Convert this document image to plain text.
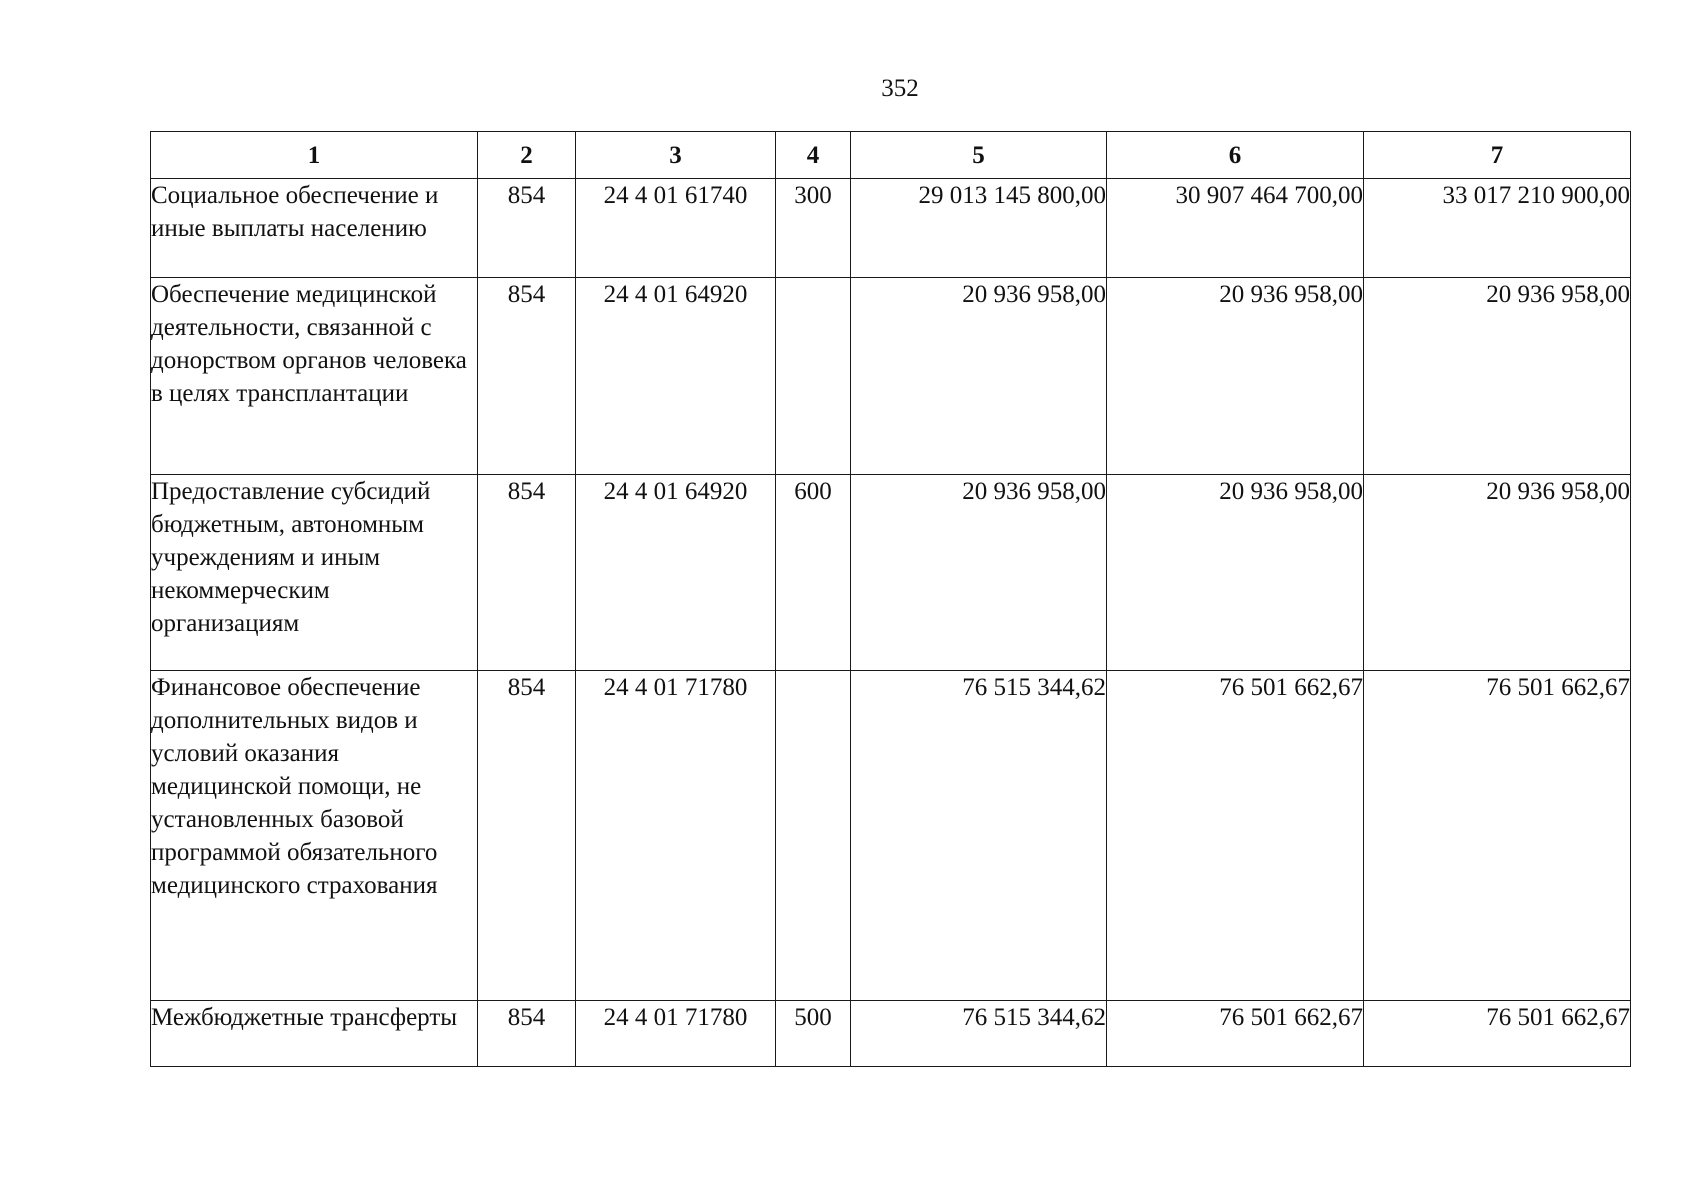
352
1	2	3	4	5	6	7
Социальное обеспечение и иные выплаты населению	854	24 4 01 61740	300	29 013 145 800,00	30 907 464 700,00	33 017 210 900,00
Обеспечение медицинской деятельности, связанной с донорством органов человека в целях трансплантации	854	24 4 01 64920		20 936 958,00	20 936 958,00	20 936 958,00
Предоставление субсидий бюджетным, автономным учреждениям и иным некоммерческим организациям	854	24 4 01 64920	600	20 936 958,00	20 936 958,00	20 936 958,00
Финансовое обеспечение дополнительных видов и условий оказания медицинской помощи, не установленных базовой программой обязательного медицинского страхования	854	24 4 01 71780		76 515 344,62	76 501 662,67	76 501 662,67
Межбюджетные трансферты	854	24 4 01 71780	500	76 515 344,62	76 501 662,67	76 501 662,67
